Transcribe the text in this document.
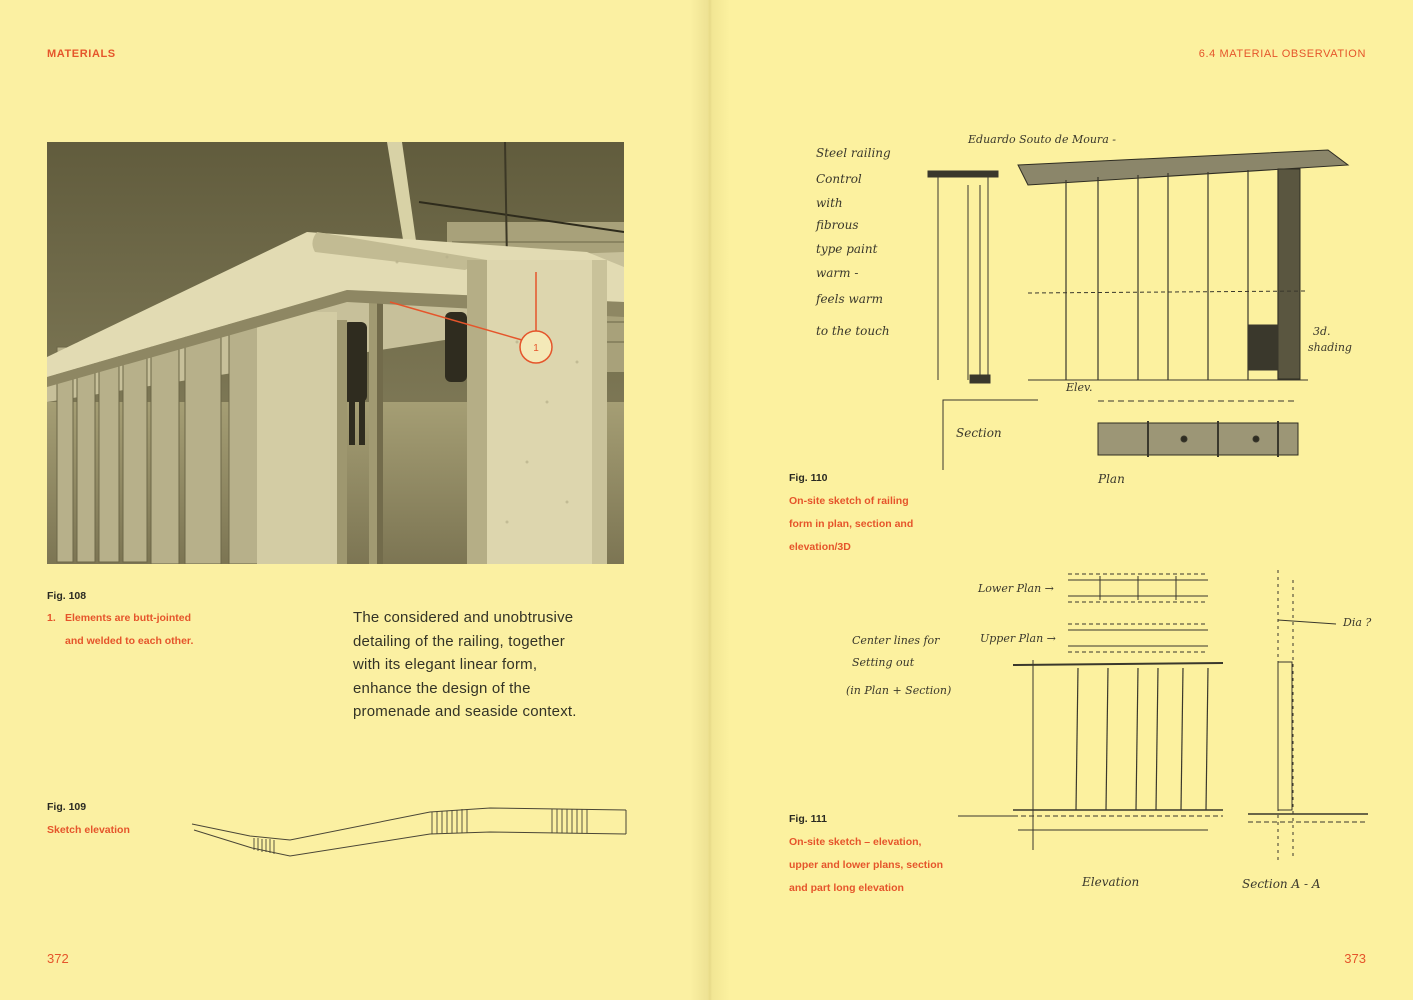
MATERIALS
1
Fig. 108
1. Elements are butt-jointed
and welded to each other.
The considered and unobtrusive
detailing of the railing, together
with its elegant linear form,
enhance the design of the
promenade and seaside context.
Fig. 109
Sketch elevation
372
6.4 MATERIAL OBSERVATION
Steel railing
Control
with
fibrous
type paint
warm -
feels warm
to the touch
Eduardo Souto de Moura -
Section
Plan
Elev.
3d.
shading
Fig. 110
On-site sketch of railing
form in plan, section and
elevation/3D
Lower Plan →
Upper Plan →
Center lines for
Setting out
(in Plan + Section)
Dia ?
Elevation	Section A - A
Fig. 111
On-site sketch – elevation,
upper and lower plans, section
and part long elevation
373
